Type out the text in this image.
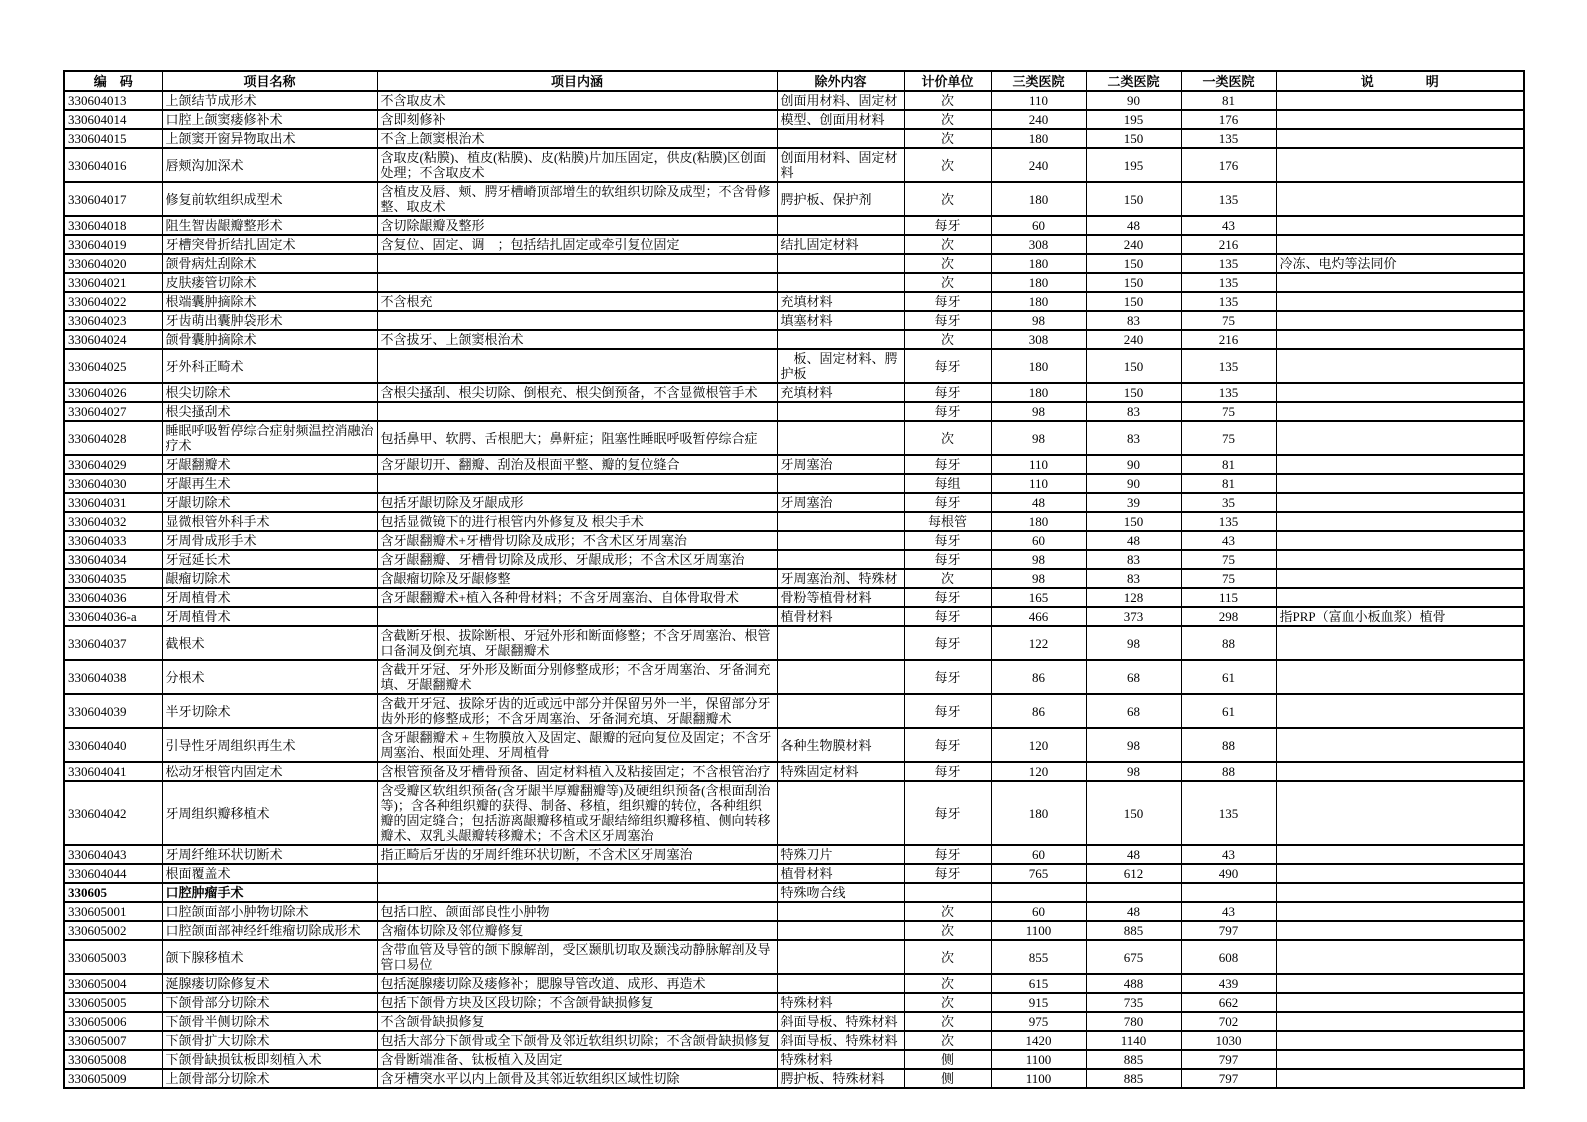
编　码	项目名称	项目内涵	除外内容	计价单位	三类医院	二类医院	一类医院	说　　　　明
330604013	上颌结节成形术	不含取皮术	创面用材料、固定材	次	110	90	81	
330604014	口腔上颌窦瘘修补术	含即刻修补	模型、创面用材料	次	240	195	176	
330604015	上颌窦开窗异物取出术	不含上颌窦根治术		次	180	150	135	
330604016	唇颊沟加深术	含取皮(粘膜)、植皮(粘膜)、皮(粘膜)片加压固定，供皮(粘膜)区创面处理；不含取皮术	创面用材料、固定材料	次	240	195	176	
330604017	修复前软组织成型术	含植皮及唇、颊、腭牙槽嵴顶部增生的软组织切除及成型；不含骨修整、取皮术	腭护板、保护剂	次	180	150	135	
330604018	阻生智齿龈瓣整形术	含切除龈瓣及整形		每牙	60	48	43	
330604019	牙槽突骨折结扎固定术	含复位、固定、调　；包括结扎固定或牵引复位固定	结扎固定材料	次	308	240	216	
330604020	颌骨病灶刮除术			次	180	150	135	冷冻、电灼等法同价
330604021	皮肤瘘管切除术			次	180	150	135	
330604022	根端囊肿摘除术	不含根充	充填材料	每牙	180	150	135	
330604023	牙齿萌出囊肿袋形术		填塞材料	每牙	98	83	75	
330604024	颌骨囊肿摘除术	不含拔牙、上颌窦根治术		次	308	240	216	
330604025	牙外科正畸术		　板、固定材料、腭护板	每牙	180	150	135	
330604026	根尖切除术	含根尖搔刮、根尖切除、倒根充、根尖倒预备，不含显微根管手术	充填材料	每牙	180	150	135	
330604027	根尖搔刮术			每牙	98	83	75	
330604028	睡眠呼吸暂停综合症射频温控消融治疗术	包括鼻甲、软腭、舌根肥大；鼻鼾症；阻塞性睡眠呼吸暂停综合症		次	98	83	75	
330604029	牙龈翻瓣术	含牙龈切开、翻瓣、刮治及根面平整、瓣的复位缝合	牙周塞治	每牙	110	90	81	
330604030	牙龈再生术			每组	110	90	81	
330604031	牙龈切除术	包括牙龈切除及牙龈成形	牙周塞治	每牙	48	39	35	
330604032	显微根管外科手术	包括显微镜下的进行根管内外修复及 根尖手术		每根管	180	150	135	
330604033	牙周骨成形手术	含牙龈翻瓣术+牙槽骨切除及成形；不含术区牙周塞治		每牙	60	48	43	
330604034	牙冠延长术	含牙龈翻瓣、牙槽骨切除及成形、牙龈成形；不含术区牙周塞治		每牙	98	83	75	
330604035	龈瘤切除术	含龈瘤切除及牙龈修整	牙周塞治剂、特殊材	次	98	83	75	
330604036	牙周植骨术	含牙龈翻瓣术+植入各种骨材料；不含牙周塞治、自体骨取骨术	骨粉等植骨材料	每牙	165	128	115	
330604036-a	牙周植骨术		植骨材料	每牙	466	373	298	指PRP（富血小板血浆）植骨
330604037	截根术	含截断牙根、拔除断根、牙冠外形和断面修整；不含牙周塞治、根管口备洞及倒充填、牙龈翻瓣术		每牙	122	98	88	
330604038	分根术	含截开牙冠、牙外形及断面分别修整成形；不含牙周塞治、牙备洞充填、牙龈翻瓣术		每牙	86	68	61	
330604039	半牙切除术	含截开牙冠、拔除牙齿的近或远中部分并保留另外一半，保留部分牙齿外形的修整成形；不含牙周塞治、牙备洞充填、牙龈翻瓣术		每牙	86	68	61	
330604040	引导性牙周组织再生术	含牙龈翻瓣术 + 生物膜放入及固定、龈瓣的冠向复位及固定；不含牙周塞治、根面处理、牙周植骨	各种生物膜材料	每牙	120	98	88	
330604041	松动牙根管内固定术	含根管预备及牙槽骨预备、固定材料植入及粘接固定；不含根管治疗	特殊固定材料	每牙	120	98	88	
330604042	牙周组织瓣移植术	含受瓣区软组织预备(含牙龈半厚瓣翻瓣等)及硬组织预备(含根面刮治等)；含各种组织瓣的获得、制备、移植，组织瓣的转位，各种组织瓣的固定缝合；包括游离龈瓣移植或牙龈结缔组织瓣移植、侧向转移瓣术、双乳头龈瓣转移瓣术；不含术区牙周塞治		每牙	180	150	135	
330604043	牙周纤维环状切断术	指正畸后牙齿的牙周纤维环状切断，不含术区牙周塞治	特殊刀片	每牙	60	48	43	
330604044	根面覆盖术		植骨材料	每牙	765	612	490	
330605	口腔肿瘤手术		特殊吻合线					
330605001	口腔颌面部小肿物切除术	包括口腔、颌面部良性小肿物		次	60	48	43	
330605002	口腔颌面部神经纤维瘤切除成形术	含瘤体切除及邻位瓣修复		次	1100	885	797	
330605003	颌下腺移植术	含带血管及导管的颌下腺解剖，受区颞肌切取及颞浅动静脉解剖及导管口易位		次	855	675	608	
330605004	涎腺瘘切除修复术	包括涎腺瘘切除及瘘修补；腮腺导管改道、成形、再造术		次	615	488	439	
330605005	下颌骨部分切除术	包括下颌骨方块及区段切除；不含颌骨缺损修复	特殊材料	次	915	735	662	
330605006	下颌骨半侧切除术	不含颌骨缺损修复	斜面导板、特殊材料	次	975	780	702	
330605007	下颌骨扩大切除术	包括大部分下颌骨或全下颌骨及邻近软组织切除；不含颌骨缺损修复	斜面导板、特殊材料	次	1420	1140	1030	
330605008	下颌骨缺损钛板即刻植入术	含骨断端准备、钛板植入及固定	特殊材料	侧	1100	885	797	
330605009	上颌骨部分切除术	含牙槽突水平以内上颌骨及其邻近软组织区域性切除	腭护板、特殊材料	侧	1100	885	797	
